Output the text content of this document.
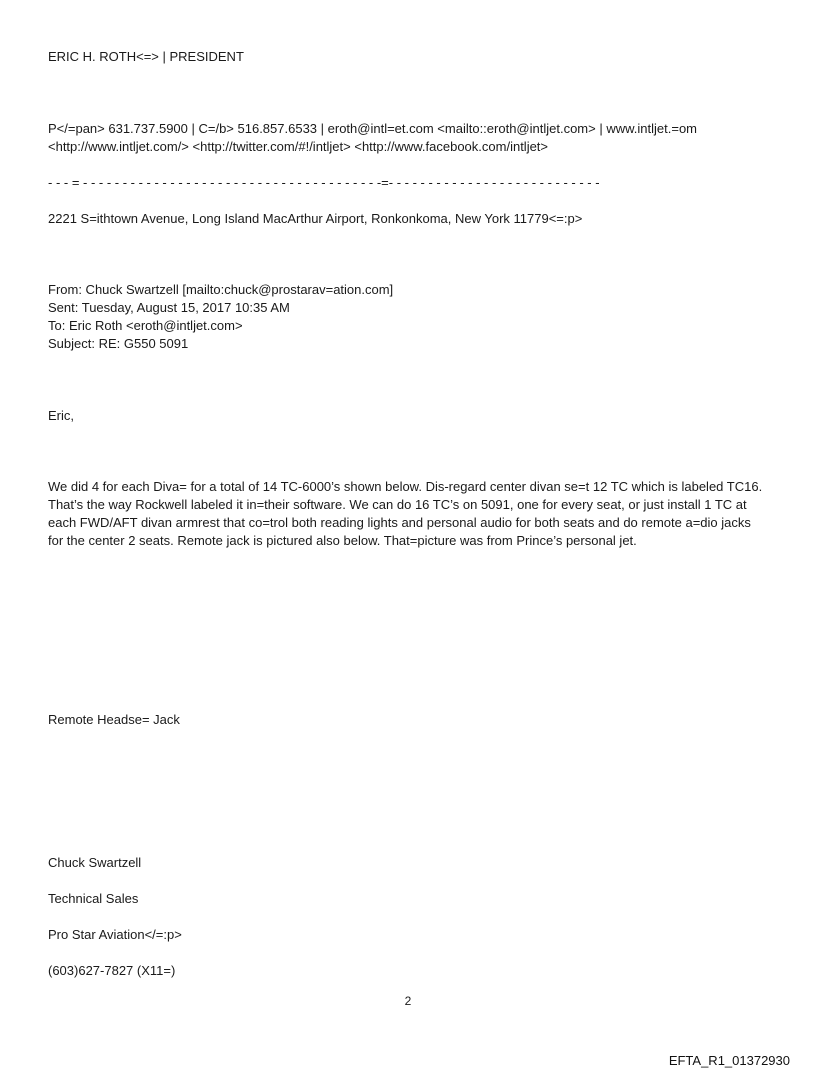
ERIC H. ROTH<=> | PRESIDENT
P</=pan> 631.737.5900 | C=/b> 516.857.6533 | eroth@intl=et.com <mailto::eroth@intljet.com> | www.intljet.=om
<http://www.intljet.com/> <http://twitter.com/#!/intljet> <http://www.facebook.com/intljet>
- - - = - - - - - - - - - - - - - - - - - - - - - - - - - - - - - - - - - - - - - -=- - - - - - - - - - - - - - - - - - - - - - - - - - -
2221 S=ithtown Avenue, Long Island MacArthur Airport, Ronkonkoma, New York 11779<=:p>
From: Chuck Swartzell [mailto:chuck@prostarav=ation.com]
Sent: Tuesday, August 15, 2017 10:35 AM
To: Eric Roth <eroth@intljet.com>
Subject: RE: G550 5091
Eric,
We did 4 for each Diva= for a total of 14 TC-6000’s shown below. Dis-regard center divan se=t 12 TC which is labeled TC16. That’s the way Rockwell labeled it in=their software. We can do 16 TC’s on 5091, one for every seat, or just install 1 TC at each FWD/AFT divan armrest that co=trol both reading lights and personal audio for both seats and do remote a=dio jacks for the center 2 seats. Remote jack is pictured also below. That=picture was from Prince’s personal jet.
Remote Headse= Jack
Chuck Swartzell
Technical Sales
Pro Star Aviation</=:p>
(603)627-7827 (X11=)
2
EFTA_R1_01372930
